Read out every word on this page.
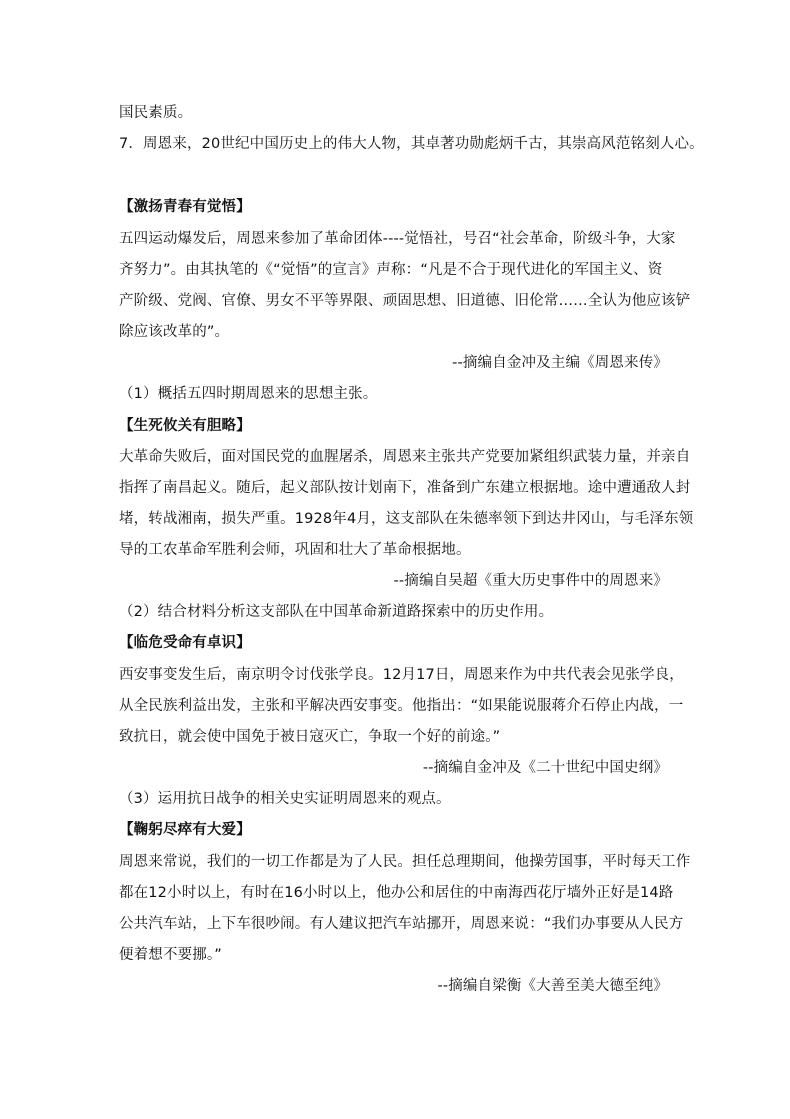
国民素质。
7．周恩来，20世纪中国历史上的伟大人物，其卓著功勋彪炳千古，其崇高风范铭刻人心。
【激扬青春有觉悟】
五四运动爆发后，周恩来参加了革命团体----觉悟社，号召“社会革命，阶级斗争，大家
齐努力”。由其执笔的《“觉悟”的宣言》声称：“凡是不合于现代进化的军国主义、资
产阶级、党阀、官僚、男女不平等界限、顽固思想、旧道德、旧伦常……全认为他应该铲
除应该改革的”。
--摘编自金冲及主编《周恩来传》
（1）概括五四时期周恩来的思想主张。
【生死攸关有胆略】
大革命失败后，面对国民党的血腥屠杀，周恩来主张共产党要加紧组织武装力量，并亲自
指挥了南昌起义。随后，起义部队按计划南下，准备到广东建立根据地。途中遭通敌人封
堵，转战湘南，损失严重。1928年4月，这支部队在朱德率领下到达井冈山，与毛泽东领
导的工农革命军胜利会师，巩固和壮大了革命根据地。
--摘编自吴超《重大历史事件中的周恩来》
（2）结合材料分析这支部队在中国革命新道路探索中的历史作用。
【临危受命有卓识】
西安事变发生后，南京明令讨伐张学良。12月17日，周恩来作为中共代表会见张学良，
从全民族利益出发，主张和平解决西安事变。他指出：“如果能说服蒋介石停止内战，一
致抗日，就会使中国免于被日寇灭亡，争取一个好的前途。”
--摘编自金冲及《二十世纪中国史纲》
（3）运用抗日战争的相关史实证明周恩来的观点。
【鞠躬尽瘁有大爱】
周恩来常说，我们的一切工作都是为了人民。担任总理期间，他操劳国事，平时每天工作
都在12小时以上，有时在16小时以上，他办公和居住的中南海西花厅墙外正好是14路
公共汽车站，上下车很吵闹。有人建议把汽车站挪开，周恩来说：“我们办事要从人民方
便着想不要挪。”
--摘编自梁衡《大善至美大德至纯》
